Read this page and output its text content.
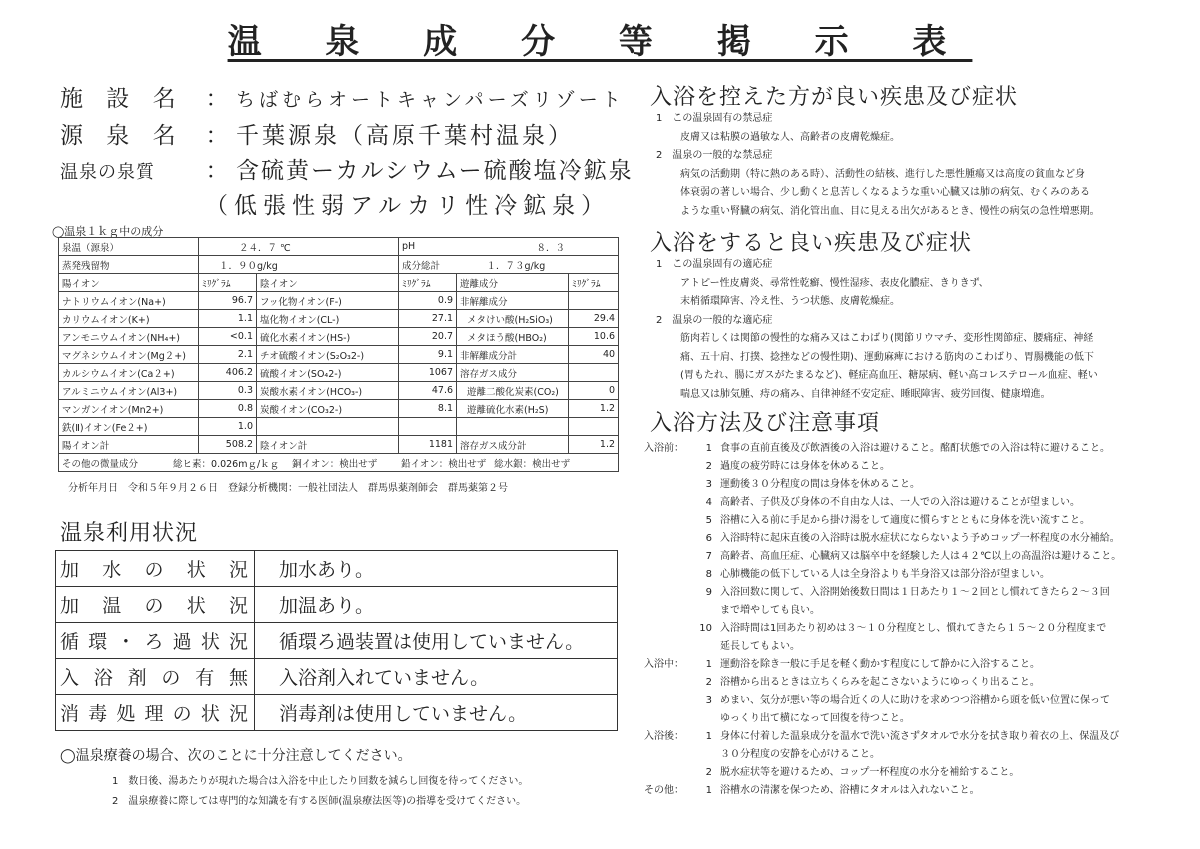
温 泉 成 分 等 掲 示 表
施 設 名 ： ちばむらオートキャンパーズリゾート
源 泉 名 ： 千葉源泉（高原千葉村温泉）
温泉の泉質 ： 含硫黄ーカルシウムー硫酸塩冷鉱泉
（低張性弱アルカリ性冷鉱泉）
◯温泉１ｋｇ中の成分
泉温（源泉）	２４．７ ℃		pH	８．３	
蒸発残留物	１．９０g/kg		成分総計	１．７３g/kg	
陽イオン	ﾐﾘｸﾞﾗﾑ	陰イオン	ﾐﾘｸﾞﾗﾑ	遊離成分	ﾐﾘｸﾞﾗﾑ
ナトリウムイオン(Na+)	96.7	フッ化物イオン(F-)	0.9	非解離成分	
カリウムイオン(K+)	1.1	塩化物イオン(CL-)	27.1	メタけい酸(H₂SiO₃)	29.4
アンモニウムイオン(NH₄+)	<0.1	硫化水素イオン(HS-)	20.7	メタほう酸(HBO₂)	10.6
マグネシウムイオン(Mg２+)	2.1	チオ硫酸イオン(S₂O₃2-)	9.1	非解離成分計	40
カルシウムイオン(Ca２+)	406.2	硫酸イオン(SO₄2-)	1067	溶存ガス成分	
アルミニウムイオン(Al3+)	0.3	炭酸水素イオン(HCO₃-)	47.6	遊離二酸化炭素(CO₂)	0
マンガンイオン(Mn2+)	0.8	炭酸イオン(CO₃2-)	8.1	遊離硫化水素(H₂S)	1.2
鉄(Ⅱ)イオン(Fe２+)	1.0				
陽イオン計	508.2	陰イオン計	1181	溶存ガス成分計	1.2
その他の微量成分 総ヒ素：0.026mｇ/ｋｇ 銅イオン：検出せず 鉛イオン：検出せず 総水銀：検出せず					
分析年月日　令和５年９月２６日　登録分析機関：一般社団法人　群馬県薬剤師会　群馬薬第２号
温泉利用状況
加水の状況	加水あり。
加温の状況	加温あり。
循環・ろ過状況	循環ろ過装置は使用していません。
入浴剤の有無	入浴剤入れていません。
消毒処理の状況	消毒剤は使用していません。
◯温泉療養の場合、次のことに十分注意してください。
1　数日後、湯あたりが現れた場合は入浴を中止したり回数を減らし回復を待ってください。
2　温泉療養に際しては専門的な知識を有する医師(温泉療法医等)の指導を受けてください。
入浴を控えた方が良い疾患及び症状
1　この温泉固有の禁忌症
皮膚又は粘膜の過敏な人、高齢者の皮膚乾燥症。
2　温泉の一般的な禁忌症
病気の活動期（特に熱のある時）、活動性の結核、進行した悪性腫瘍又は高度の貧血など身
体衰弱の著しい場合、少し動くと息苦しくなるような重い心臓又は肺の病気、むくみのある
ような重い腎臓の病気、消化管出血、目に見える出欠があるとき、慢性の病気の急性増悪期。
入浴をすると良い疾患及び症状
1　この温泉固有の適応症
アトピー性皮膚炎、尋常性乾癬、慢性湿疹、表皮化膿症、きりきず、
末梢循環障害、冷え性、うつ状態、皮膚乾燥症。
2　温泉の一般的な適応症
筋肉若しくは関節の慢性的な痛み又はこわばり(関節リウマチ、変形性関節症、腰痛症、神経
痛、五十肩、打撲、捻挫などの慢性期)、運動麻痺における筋肉のこわばり、胃腸機能の低下
(胃もたれ、腸にガスがたまるなど)、軽症高血圧、糖尿病、軽い高コレステロール血症、軽い
喘息又は肺気腫、痔の痛み、自律神経不安定症、睡眠障害、疲労回復、健康増進。
入浴方法及び注意事項
入浴前：	1 食事の直前直後及び飲酒後の入浴は避けること。酩酊状態での入浴は特に避けること。
2 過度の疲労時には身体を休めること。
3 運動後３０分程度の間は身体を休めること。
4 高齢者、子供及び身体の不自由な人は、一人での入浴は避けることが望ましい。
5 浴槽に入る前に手足から掛け湯をして適度に慣らすとともに身体を洗い流すこと。
6 入浴時特に起床直後の入浴時は脱水症状にならないよう予めコップ一杯程度の水分補給。
7 高齢者、高血圧症、心臓病又は脳卒中を経験した人は４２℃以上の高温浴は避けること。
8 心肺機能の低下している人は全身浴よりも半身浴又は部分浴が望ましい。
9 入浴回数に関して、入浴開始後数日間は１日あたり１〜２回とし慣れてきたら２〜３回
まで増やしても良い。
10 入浴時間は1回あたり初めは３〜１０分程度とし、慣れてきたら１５〜２０分程度まで
延長してもよい。
入浴中：	1 運動浴を除き一般に手足を軽く動かす程度にして静かに入浴すること。
2 浴槽から出るときは立ちくらみを起こさないようにゆっくり出ること。
3 めまい、気分が悪い等の場合近くの人に助けを求めつつ浴槽から頭を低い位置に保って
ゆっくり出て横になって回復を待つこと。
入浴後：	1 身体に付着した温泉成分を温水で洗い流さずタオルで水分を拭き取り着衣の上、保温及び
３０分程度の安静を心がけること。
2 脱水症状等を避けるため、コップ一杯程度の水分を補給すること。
その他：	1 浴槽水の清潔を保つため、浴槽にタオルは入れないこと。
